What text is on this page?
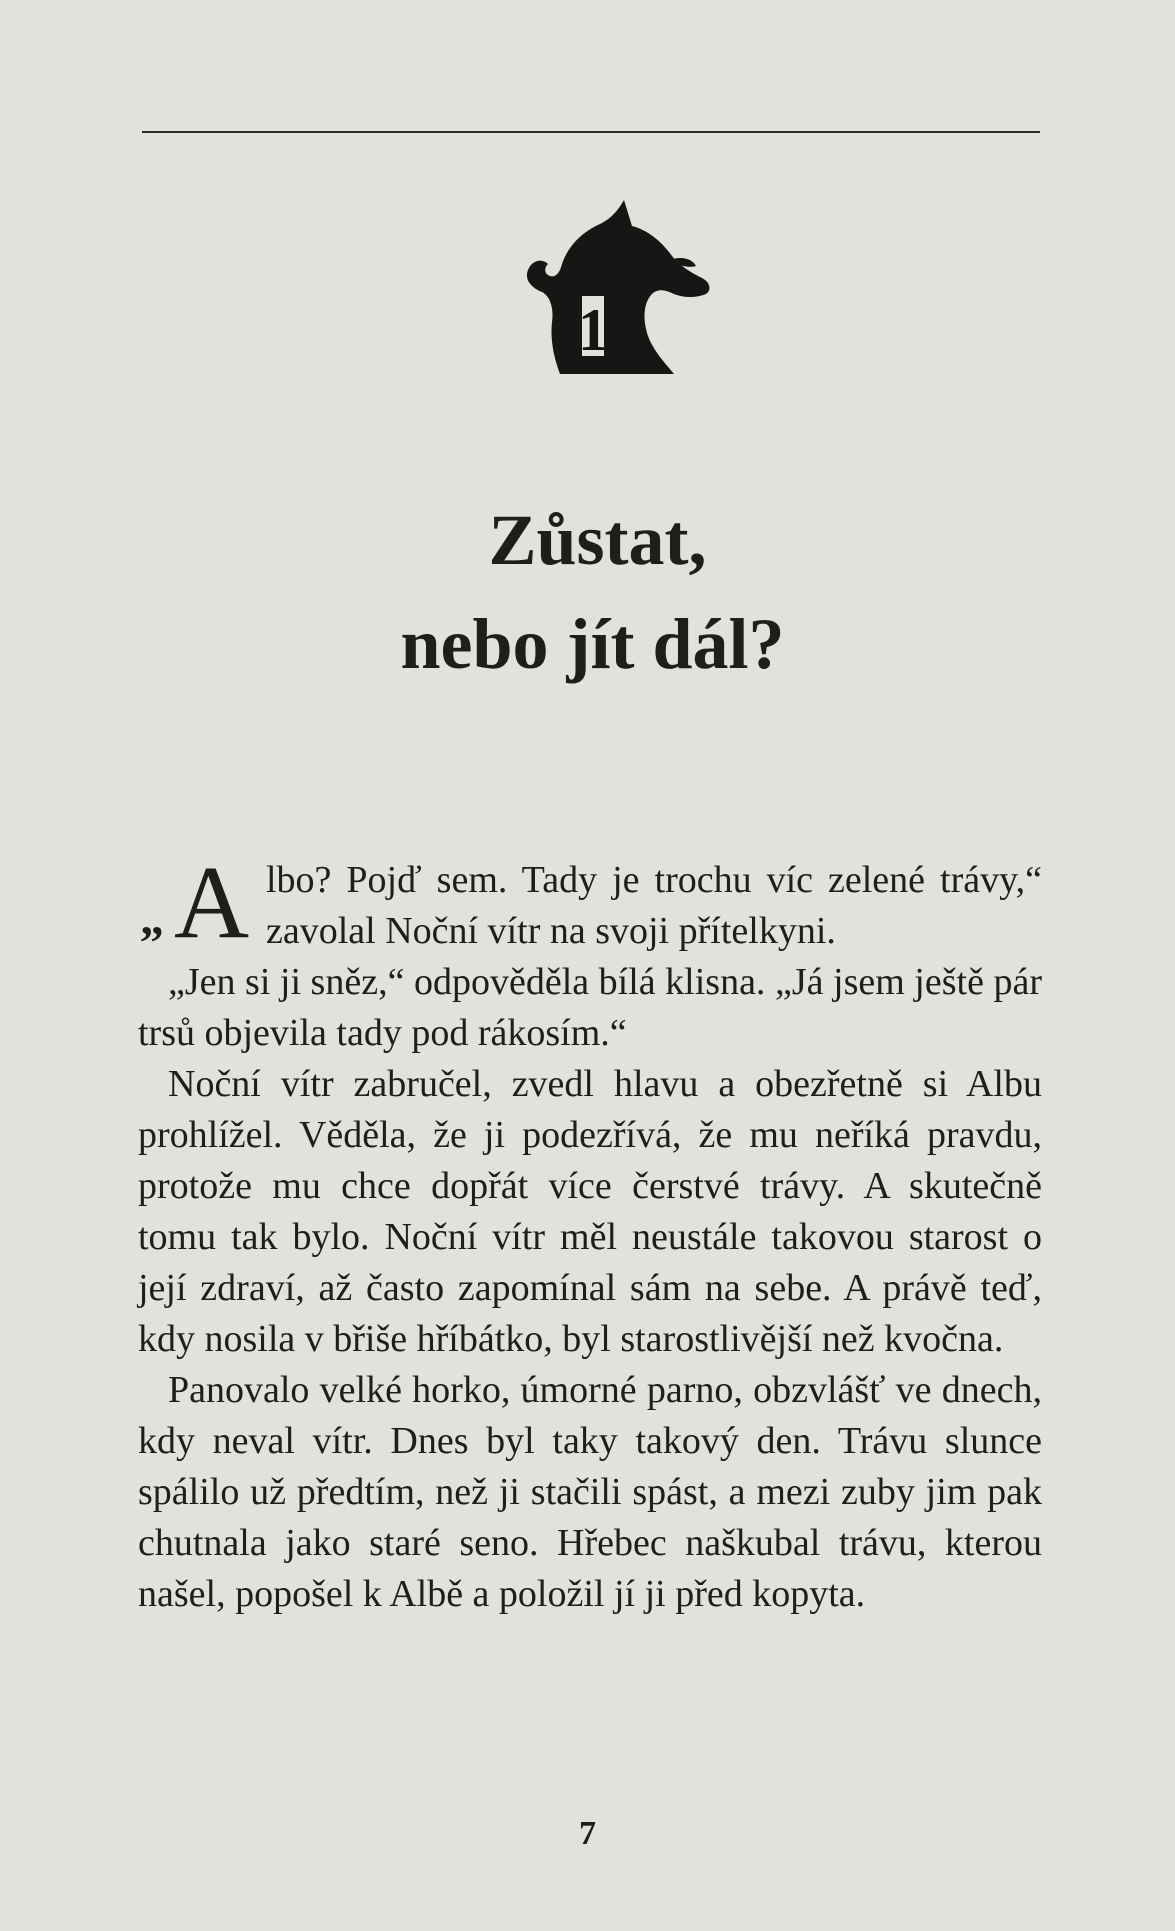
1
Zůstat,
nebo jít dál?

„ A lbo? Pojď sem. Tady je trochu víc zelené trávy,“ zavolal Noční vítr na svoji přítelkyni.

„Jen si ji sněz,“ odpověděla bílá klisna. „Já jsem ještě pár trsů objevila tady pod rákosím.“

Noční vítr zabručel, zvedl hlavu a obezřetně si Albu prohlížel. Věděla, že ji podezřívá, že mu neříká pravdu, protože mu chce dopřát více čerstvé trávy. A skutečně tomu tak bylo. Noční vítr měl neustále takovou starost o její zdraví, až často zapomínal sám na sebe. A právě teď, kdy nosila v břiše hříbátko, byl starostlivější než kvočna.

Panovalo velké horko, úmorné parno, obzvlášť ve dnech, kdy neval vítr. Dnes byl taky takový den. Trávu slunce spálilo už předtím, než ji stačili spást, a mezi zuby jim pak chutnala jako staré seno. Hřebec naškubal trávu, kterou našel, popošel k Albě a položil jí ji před kopyta.

7
